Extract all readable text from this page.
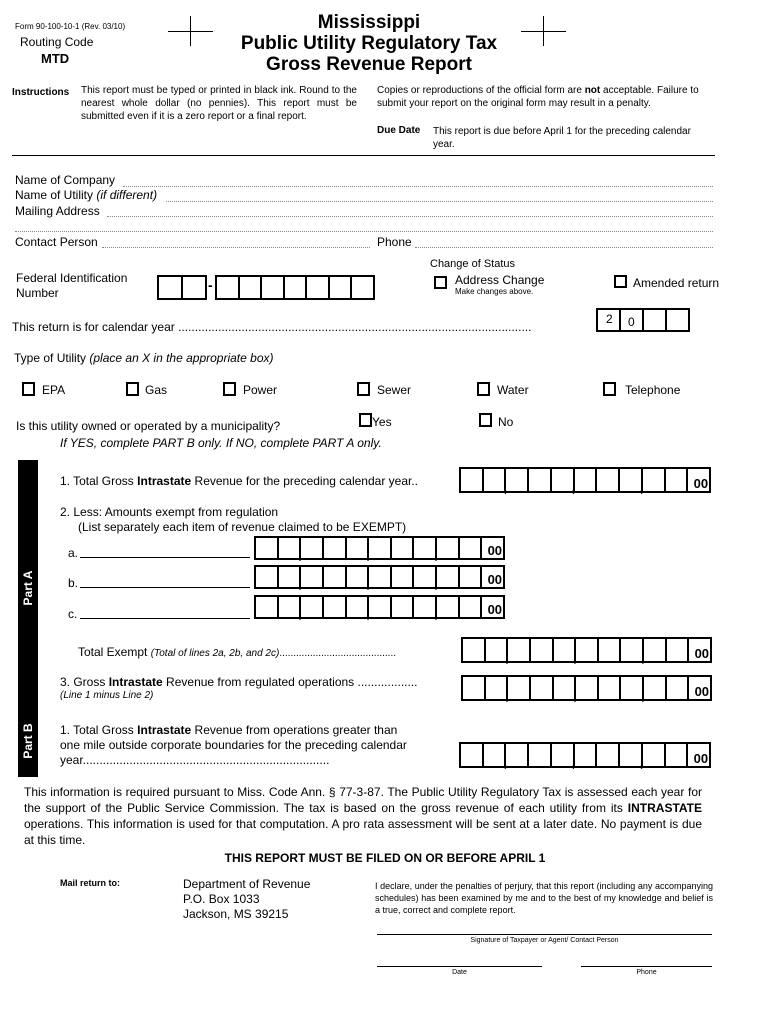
Form 90-100-10-1 (Rev. 03/10)
Routing Code
MTD
Mississippi
Public Utility Regulatory Tax
Gross Revenue Report
Instructions This report must be typed or printed in black ink. Round to the nearest whole dollar (no pennies). This report must be submitted even if it is a zero report or a final report.
Copies or reproductions of the official form are not acceptable. Failure to submit your report on the original form may result in a penalty.
Due Date This report is due before April 1 for the preceding calendar year.
Name of Company
Name of Utility (if different)
Mailing Address
Contact Person	Phone
Change of Status
Address Change
Make changes above.
Amended return
Federal Identification
Number	-
This return is for calendar year ..........................................................................................................
2 0
Type of Utility (place an X in the appropriate box)
EPA	Gas	Power	Sewer	Water	Telephone
Is this utility owned or operated by a municipality?	Yes	No
If YES, complete PART B only. If NO, complete PART A only.
Part A
1. Total Gross Intrastate Revenue for the preceding calendar year..	,	,	,	00
2. Less: Amounts exempt from regulation
(List separately each item of revenue claimed to be EXEMPT)
a.	,	,	,	00
b.	,	,	,	00
c.	,	,	,	00
Total Exempt (Total of lines 2a, 2b, and 2c)..........................................	,	,	,	00
3. Gross Intrastate Revenue from regulated operations ..................
(Line 1 minus Line 2)	,	,	,	00
Part B 1. Total Gross Intrastate Revenue from operations greater than
one mile outside corporate boundaries for the preceding calendar
year..........................................................................	,	,	,	00
This information is required pursuant to Miss. Code Ann. § 77-3-87. The Public Utility Regulatory Tax is assessed each year for the support of the Public Service Commission. The tax is based on the gross revenue of each utility from its INTRASTATE operations. This information is used for that computation. A pro rata assessment will be sent at a later date. No payment is due at this time.
THIS REPORT MUST BE FILED ON OR BEFORE APRIL 1
Mail return to:	Department of Revenue
P.O. Box 1033
Jackson, MS 39215
I declare, under the penalties of perjury, that this report (including any accompanying schedules) has been examined by me and to the best of my knowledge and belief is a true, correct and complete report.
Signature of Taxpayer or Agent/ Contact Person
Date	Phone
